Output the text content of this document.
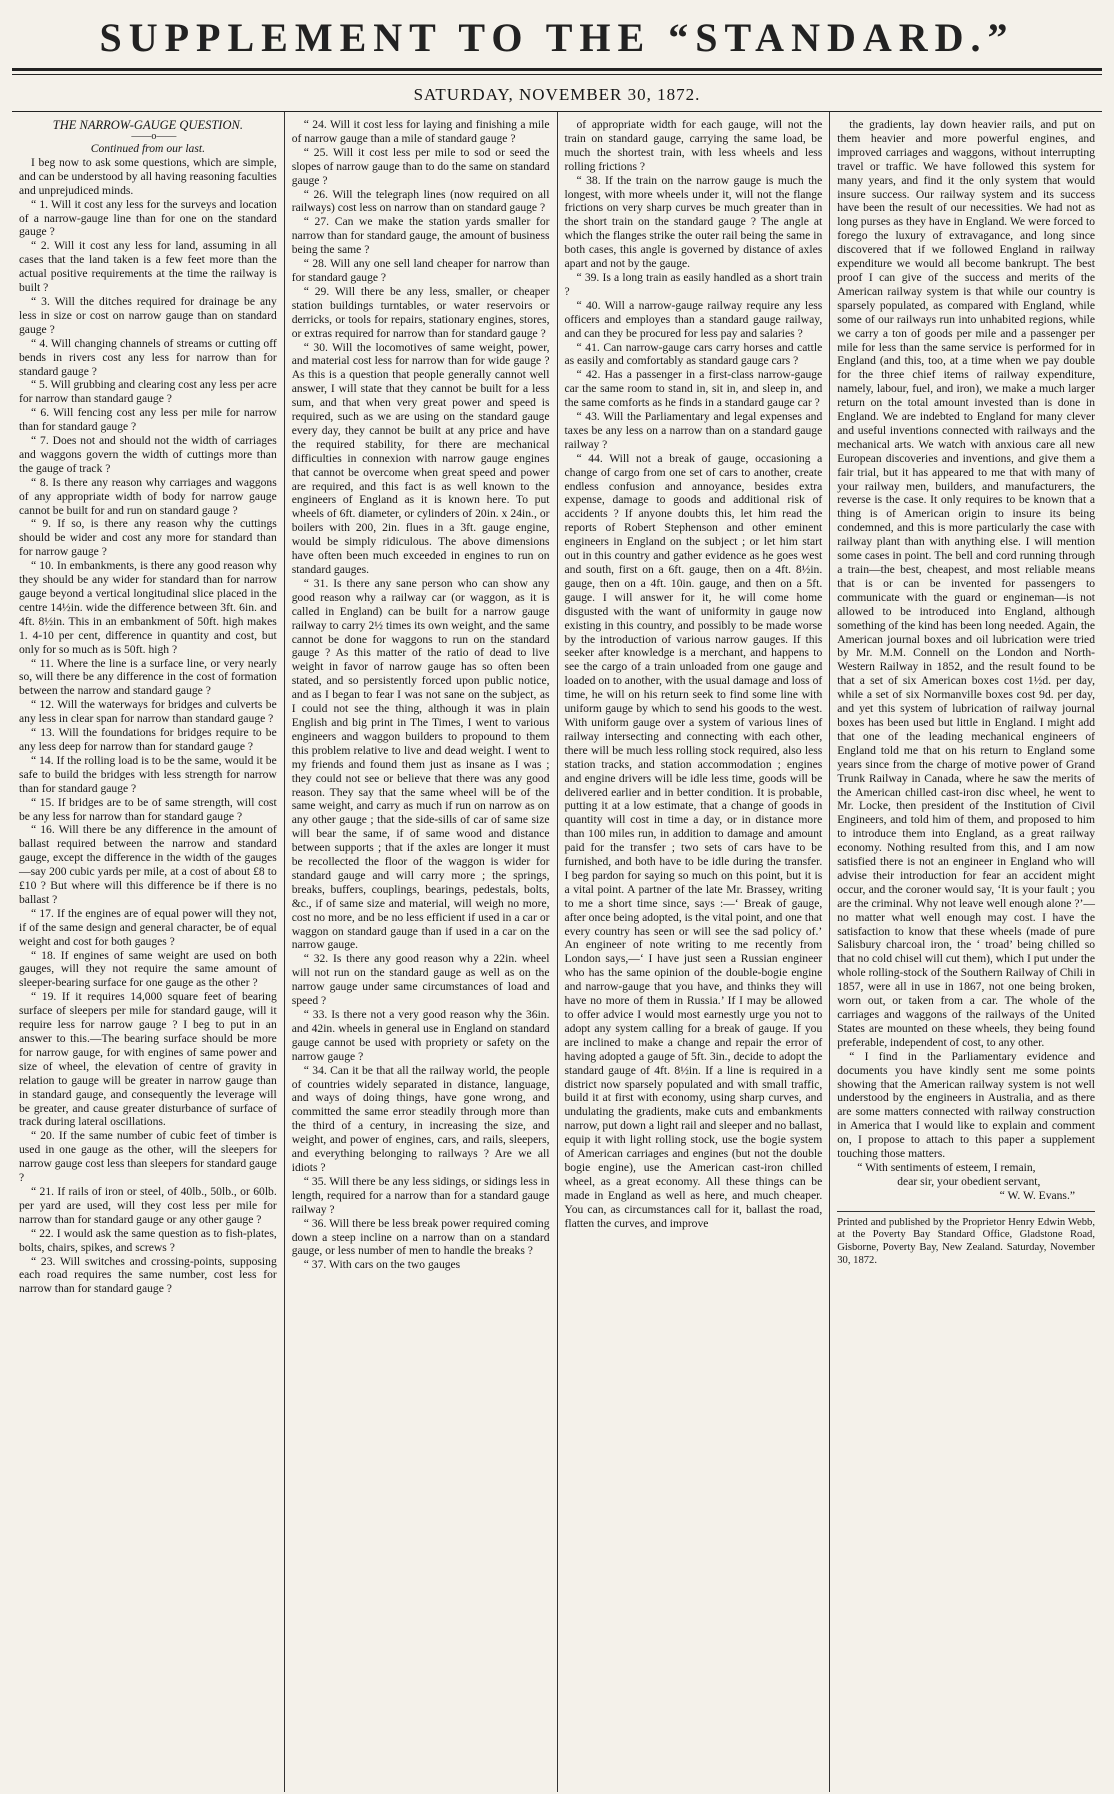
SUPPLEMENT TO THE “STANDARD.”
SATURDAY, NOVEMBER 30, 1872.

THE NARROW-GAUGE QUESTION.

——o——

Continued from our last.

I beg now to ask some questions, which are simple, and can be understood by all having reasoning faculties and unprejudiced minds.

“ 1. Will it cost any less for the surveys and location of a narrow-gauge line than for one on the standard gauge ?

“ 2. Will it cost any less for land, assuming in all cases that the land taken is a few feet more than the actual positive requirements at the time the railway is built ?

“ 3. Will the ditches required for drainage be any less in size or cost on narrow gauge than on standard gauge ?

“ 4. Will changing channels of streams or cutting off bends in rivers cost any less for narrow than for standard gauge ?

“ 5. Will grubbing and clearing cost any less per acre for narrow than standard gauge ?

“ 6. Will fencing cost any less per mile for narrow than for standard gauge ?

“ 7. Does not and should not the width of carriages and waggons govern the width of cuttings more than the gauge of track ?

“ 8. Is there any reason why carriages and waggons of any appropriate width of body for narrow gauge cannot be built for and run on standard gauge ?

“ 9. If so, is there any reason why the cuttings should be wider and cost any more for standard than for narrow gauge ?

“ 10. In embankments, is there any good reason why they should be any wider for standard than for narrow gauge beyond a vertical longitudinal slice placed in the centre 14½in. wide the difference between 3ft. 6in. and 4ft. 8½in. This in an embankment of 50ft. high makes 1. 4-10 per cent, difference in quantity and cost, but only for so much as is 50ft. high ?

“ 11. Where the line is a surface line, or very nearly so, will there be any difference in the cost of formation between the narrow and standard gauge ?

“ 12. Will the waterways for bridges and culverts be any less in clear span for narrow than standard gauge ?

“ 13. Will the foundations for bridges require to be any less deep for narrow than for standard gauge ?

“ 14. If the rolling load is to be the same, would it be safe to build the bridges with less strength for narrow than for standard gauge ?

“ 15. If bridges are to be of same strength, will cost be any less for narrow than for standard gauge ?

“ 16. Will there be any difference in the amount of ballast required between the narrow and standard gauge, except the difference in the width of the gauges —say 200 cubic yards per mile, at a cost of about £8 to £10 ? But where will this difference be if there is no ballast ?

“ 17. If the engines are of equal power will they not, if of the same design and general character, be of equal weight and cost for both gauges ?

“ 18. If engines of same weight are used on both gauges, will they not require the same amount of sleeper-bearing surface for one gauge as the other ?

“ 19. If it requires 14,000 square feet of bearing surface of sleepers per mile for standard gauge, will it require less for narrow gauge ? I beg to put in an answer to this.—The bearing surface should be more for narrow gauge, for with engines of same power and size of wheel, the elevation of centre of gravity in relation to gauge will be greater in narrow gauge than in standard gauge, and consequently the leverage will be greater, and cause greater disturbance of surface of track during lateral oscillations.

“ 20. If the same number of cubic feet of timber is used in one gauge as the other, will the sleepers for narrow gauge cost less than sleepers for standard gauge ?

“ 21. If rails of iron or steel, of 40lb., 50lb., or 60lb. per yard are used, will they cost less per mile for narrow than for standard gauge or any other gauge ?

“ 22. I would ask the same question as to fish-plates, bolts, chairs, spikes, and screws ?

“ 23. Will switches and crossing-points, supposing each road requires the same number, cost less for narrow than for standard gauge ?

“ 24. Will it cost less for laying and finishing a mile of narrow gauge than a mile of standard gauge ?

“ 25. Will it cost less per mile to sod or seed the slopes of narrow gauge than to do the same on standard gauge ?

“ 26. Will the telegraph lines (now required on all railways) cost less on narrow than on standard gauge ?

“ 27. Can we make the station yards smaller for narrow than for standard gauge, the amount of business being the same ?

“ 28. Will any one sell land cheaper for narrow than for standard gauge ?

“ 29. Will there be any less, smaller, or cheaper station buildings turntables, or water reservoirs or derricks, or tools for repairs, stationary engines, stores, or extras required for narrow than for standard gauge ?

“ 30. Will the locomotives of same weight, power, and material cost less for narrow than for wide gauge ? As this is a question that people generally cannot well answer, I will state that they cannot be built for a less sum, and that when very great power and speed is required, such as we are using on the standard gauge every day, they cannot be built at any price and have the required stability, for there are mechanical difficulties in connexion with narrow gauge engines that cannot be overcome when great speed and power are required, and this fact is as well known to the engineers of England as it is known here. To put wheels of 6ft. diameter, or cylinders of 20in. x 24in., or boilers with 200, 2in. flues in a 3ft. gauge engine, would be simply ridiculous. The above dimensions have often been much exceeded in engines to run on standard gauges.

“ 31. Is there any sane person who can show any good reason why a railway car (or waggon, as it is called in England) can be built for a narrow gauge railway to carry 2½ times its own weight, and the same cannot be done for waggons to run on the standard gauge ? As this matter of the ratio of dead to live weight in favor of narrow gauge has so often been stated, and so persistently forced upon public notice, and as I began to fear I was not sane on the subject, as I could not see the thing, although it was in plain English and big print in The Times, I went to various engineers and waggon builders to propound to them this problem relative to live and dead weight. I went to my friends and found them just as insane as I was ; they could not see or believe that there was any good reason. They say that the same wheel will be of the same weight, and carry as much if run on narrow as on any other gauge ; that the side-sills of car of same size will bear the same, if of same wood and distance between supports ; that if the axles are longer it must be recollected the floor of the waggon is wider for standard gauge and will carry more ; the springs, breaks, buffers, couplings, bearings, pedestals, bolts, &c., if of same size and material, will weigh no more, cost no more, and be no less efficient if used in a car or waggon on standard gauge than if used in a car on the narrow gauge.

“ 32. Is there any good reason why a 22in. wheel will not run on the standard gauge as well as on the narrow gauge under same circumstances of load and speed ?

“ 33. Is there not a very good reason why the 36in. and 42in. wheels in general use in England on standard gauge cannot be used with propriety or safety on the narrow gauge ?

“ 34. Can it be that all the railway world, the people of countries widely separated in distance, language, and ways of doing things, have gone wrong, and committed the same error steadily through more than the third of a century, in increasing the size, and weight, and power of engines, cars, and rails, sleepers, and everything belonging to railways ? Are we all idiots ?

“ 35. Will there be any less sidings, or sidings less in length, required for a narrow than for a standard gauge railway ?

“ 36. Will there be less break power required coming down a steep incline on a narrow than on a standard gauge, or less number of men to handle the breaks ?

“ 37. With cars on the two gauges

of appropriate width for each gauge, will not the train on standard gauge, carrying the same load, be much the shortest train, with less wheels and less rolling frictions ?

“ 38. If the train on the narrow gauge is much the longest, with more wheels under it, will not the flange frictions on very sharp curves be much greater than in the short train on the standard gauge ? The angle at which the flanges strike the outer rail being the same in both cases, this angle is governed by distance of axles apart and not by the gauge.

“ 39. Is a long train as easily handled as a short train ?

“ 40. Will a narrow-gauge railway require any less officers and employes than a standard gauge railway, and can they be procured for less pay and salaries ?

“ 41. Can narrow-gauge cars carry horses and cattle as easily and comfortably as standard gauge cars ?

“ 42. Has a passenger in a first-class narrow-gauge car the same room to stand in, sit in, and sleep in, and the same comforts as he finds in a standard gauge car ?

“ 43. Will the Parliamentary and legal expenses and taxes be any less on a narrow than on a standard gauge railway ?

“ 44. Will not a break of gauge, occasioning a change of cargo from one set of cars to another, create endless confusion and annoyance, besides extra expense, damage to goods and additional risk of accidents ? If anyone doubts this, let him read the reports of Robert Stephenson and other eminent engineers in England on the subject ; or let him start out in this country and gather evidence as he goes west and south, first on a 6ft. gauge, then on a 4ft. 8½in. gauge, then on a 4ft. 10in. gauge, and then on a 5ft. gauge. I will answer for it, he will come home disgusted with the want of uniformity in gauge now existing in this country, and possibly to be made worse by the introduction of various narrow gauges. If this seeker after knowledge is a merchant, and happens to see the cargo of a train unloaded from one gauge and loaded on to another, with the usual damage and loss of time, he will on his return seek to find some line with uniform gauge by which to send his goods to the west. With uniform gauge over a system of various lines of railway intersecting and connecting with each other, there will be much less rolling stock required, also less station tracks, and station accommodation ; engines and engine drivers will be idle less time, goods will be delivered earlier and in better condition. It is probable, putting it at a low estimate, that a change of goods in quantity will cost in time a day, or in distance more than 100 miles run, in addition to damage and amount paid for the transfer ; two sets of cars have to be furnished, and both have to be idle during the transfer. I beg pardon for saying so much on this point, but it is a vital point. A partner of the late Mr. Brassey, writing to me a short time since, says :—‘ Break of gauge, after once being adopted, is the vital point, and one that every country has seen or will see the sad policy of.’ An engineer of note writing to me recently from London says,—‘ I have just seen a Russian engineer who has the same opinion of the double-bogie engine and narrow-gauge that you have, and thinks they will have no more of them in Russia.’ If I may be allowed to offer advice I would most earnestly urge you not to adopt any system calling for a break of gauge. If you are inclined to make a change and repair the error of having adopted a gauge of 5ft. 3in., decide to adopt the standard gauge of 4ft. 8½in. If a line is required in a district now sparsely populated and with small traffic, build it at first with economy, using sharp curves, and undulating the gradients, make cuts and embankments narrow, put down a light rail and sleeper and no ballast, equip it with light rolling stock, use the bogie system of American carriages and engines (but not the double bogie engine), use the American cast-iron chilled wheel, as a great economy. All these things can be made in England as well as here, and much cheaper. You can, as circumstances call for it, ballast the road, flatten the curves, and improve

the gradients, lay down heavier rails, and put on them heavier and more powerful engines, and improved carriages and waggons, without interrupting travel or traffic. We have followed this system for many years, and find it the only system that would insure success. Our railway system and its success have been the result of our necessities. We had not as long purses as they have in England. We were forced to forego the luxury of extravagance, and long since discovered that if we followed England in railway expenditure we would all become bankrupt. The best proof I can give of the success and merits of the American railway system is that while our country is sparsely populated, as compared with England, while some of our railways run into unhabited regions, while we carry a ton of goods per mile and a passenger per mile for less than the same service is performed for in England (and this, too, at a time when we pay double for the three chief items of railway expenditure, namely, labour, fuel, and iron), we make a much larger return on the total amount invested than is done in England. We are indebted to England for many clever and useful inventions connected with railways and the mechanical arts. We watch with anxious care all new European discoveries and inventions, and give them a fair trial, but it has appeared to me that with many of your railway men, builders, and manufacturers, the reverse is the case. It only requires to be known that a thing is of American origin to insure its being condemned, and this is more particularly the case with railway plant than with anything else. I will mention some cases in point. The bell and cord running through a train—the best, cheapest, and most reliable means that is or can be invented for passengers to communicate with the guard or engineman—is not allowed to be introduced into England, although something of the kind has been long needed. Again, the American journal boxes and oil lubrication were tried by Mr. M.M. Connell on the London and North-Western Railway in 1852, and the result found to be that a set of six American boxes cost 1½d. per day, while a set of six Normanville boxes cost 9d. per day, and yet this system of lubrication of railway journal boxes has been used but little in England. I might add that one of the leading mechanical engineers of England told me that on his return to England some years since from the charge of motive power of Grand Trunk Railway in Canada, where he saw the merits of the American chilled cast-iron disc wheel, he went to Mr. Locke, then president of the Institution of Civil Engineers, and told him of them, and proposed to him to introduce them into England, as a great railway economy. Nothing resulted from this, and I am now satisfied there is not an engineer in England who will advise their introduction for fear an accident might occur, and the coroner would say, ‘It is your fault ; you are the criminal. Why not leave well enough alone ?’—no matter what well enough may cost. I have the satisfaction to know that these wheels (made of pure Salisbury charcoal iron, the ‘ troad’ being chilled so that no cold chisel will cut them), which I put under the whole rolling-stock of the Southern Railway of Chili in 1857, were all in use in 1867, not one being broken, worn out, or taken from a car. The whole of the carriages and waggons of the railways of the United States are mounted on these wheels, they being found preferable, independent of cost, to any other.

“ I find in the Parliamentary evidence and documents you have kindly sent me some points showing that the American railway system is not well understood by the engineers in Australia, and as there are some matters connected with railway construction in America that I would like to explain and comment on, I propose to attach to this paper a supplement touching those matters.

“ With sentiments of esteem, I remain,

dear sir, your obedient servant,

“ W. W. Evans.”

Printed and published by the Proprietor Henry Edwin Webb, at the Poverty Bay Standard Office, Gladstone Road, Gisborne, Poverty Bay, New Zealand. Saturday, November 30, 1872.
